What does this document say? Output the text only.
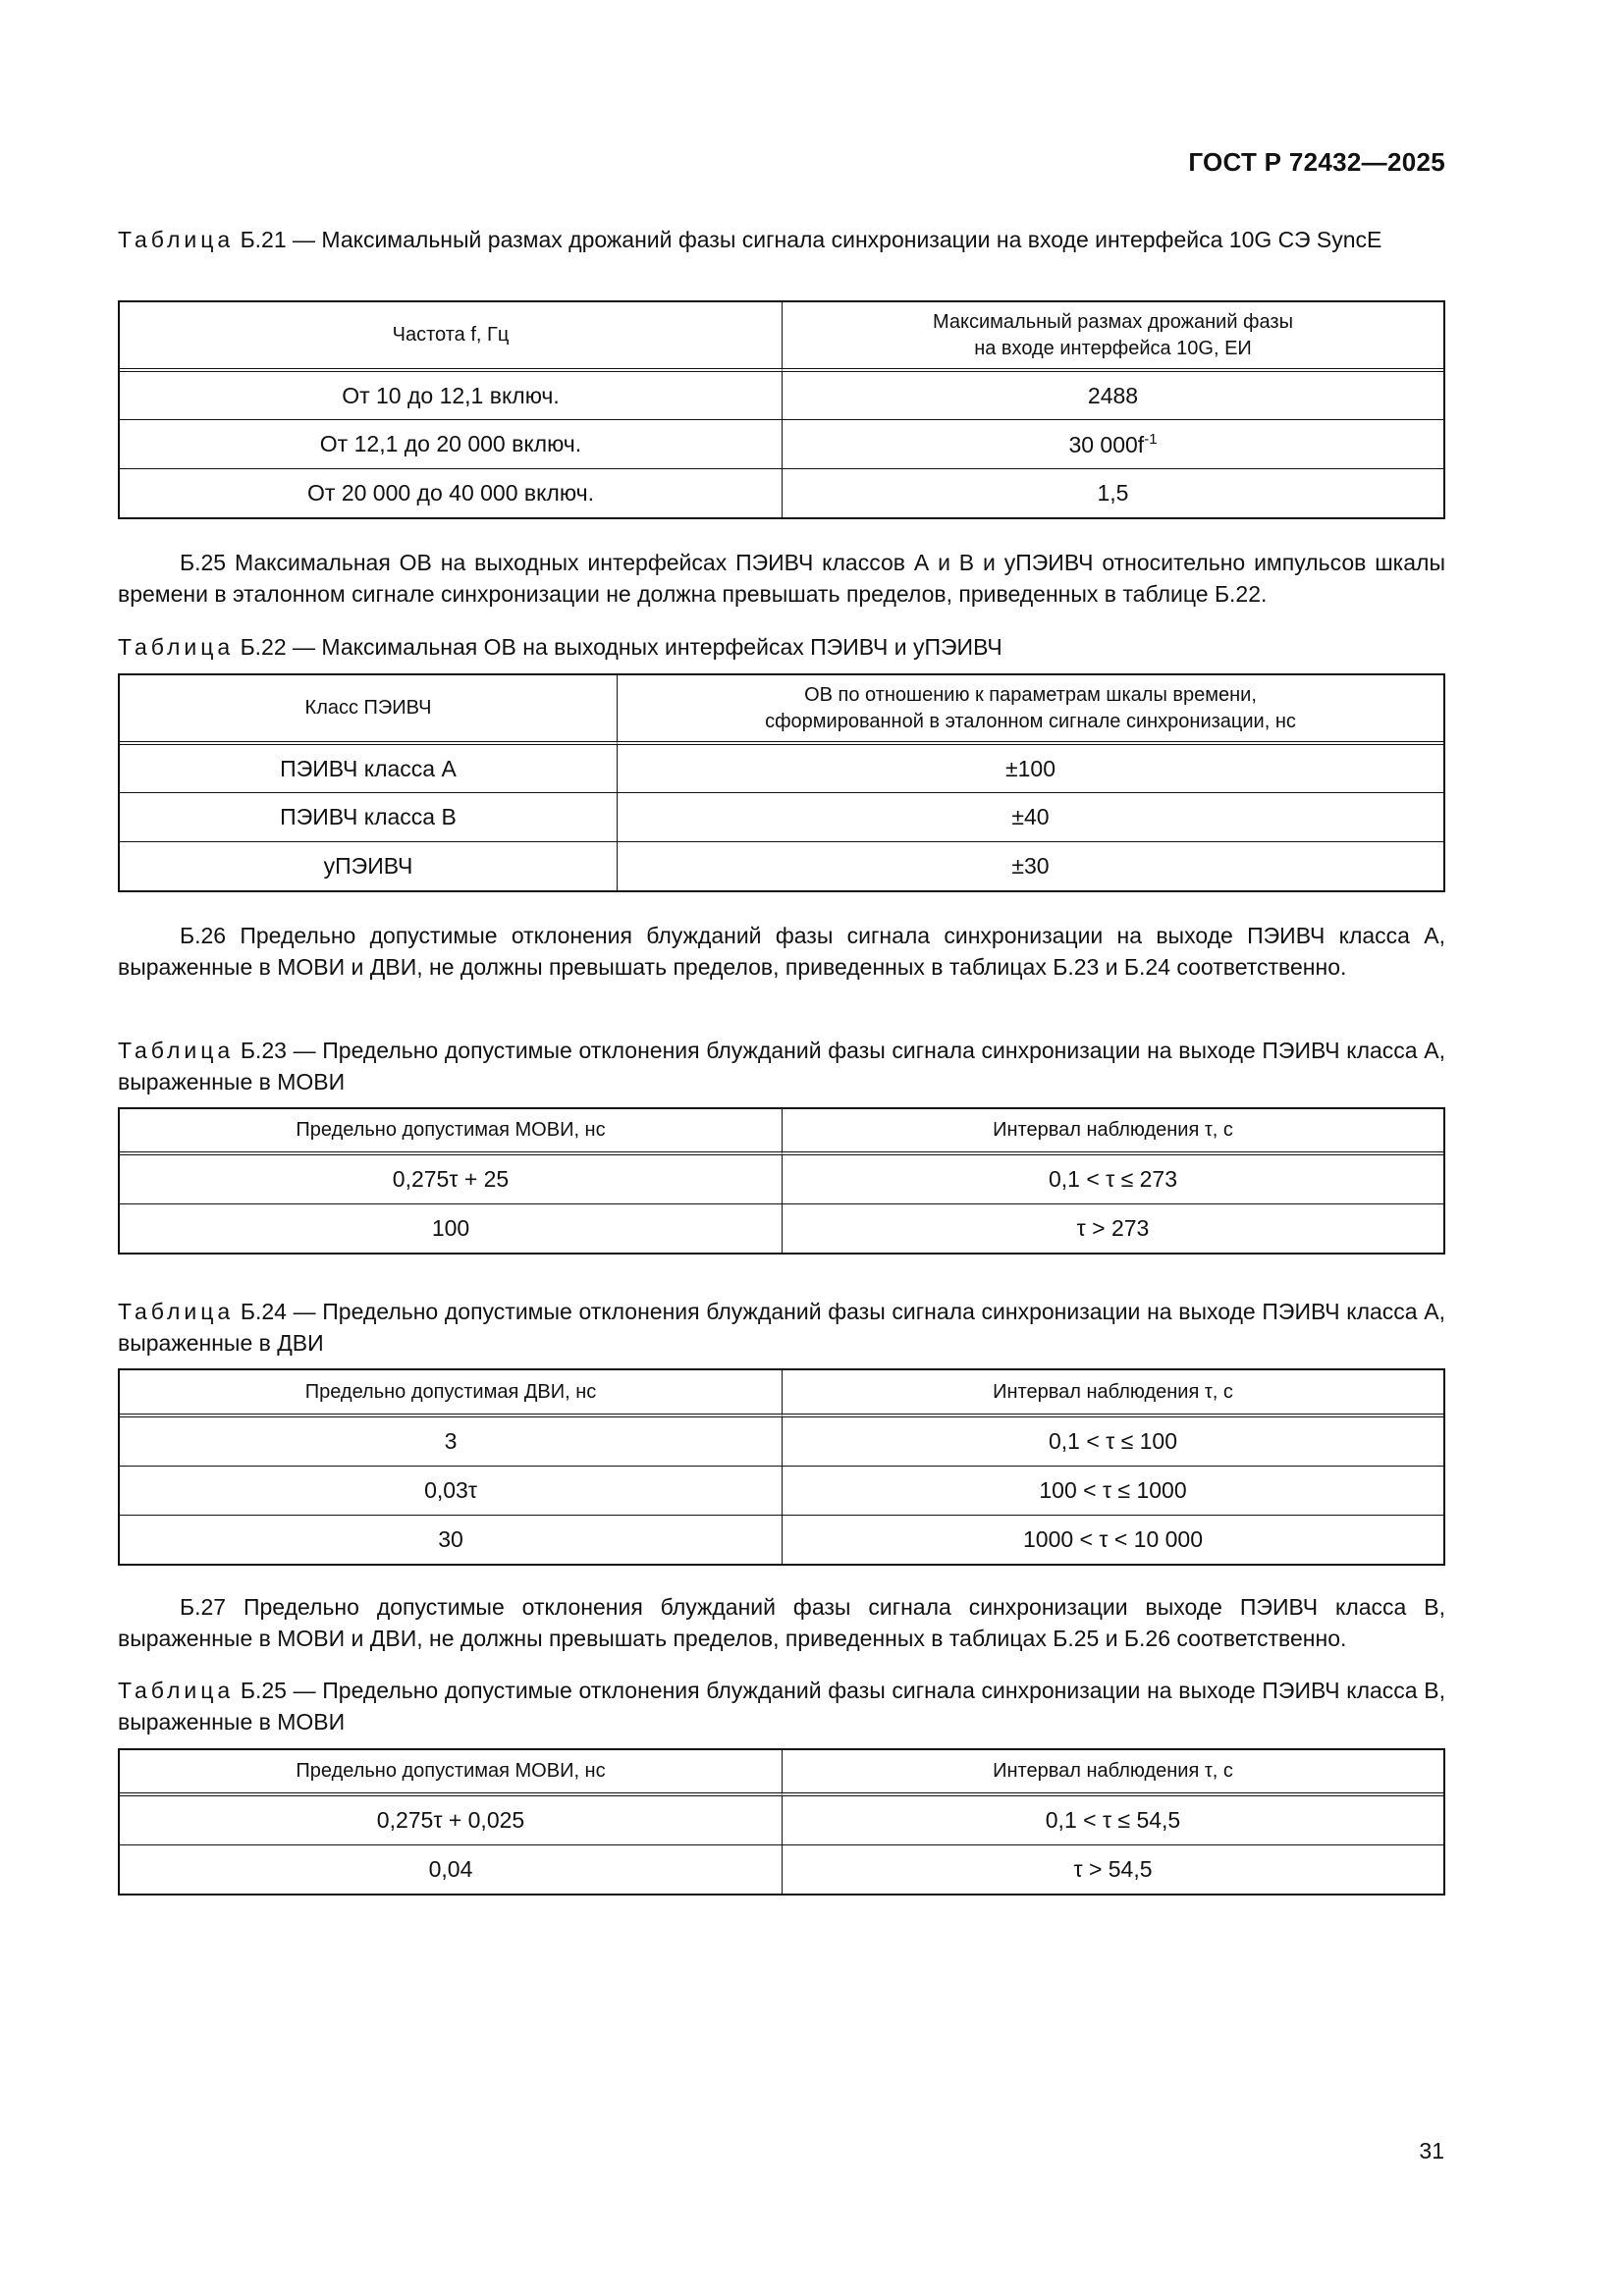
ГОСТ Р 72432—2025
Таблица Б.21 — Максимальный размах дрожаний фазы сигнала синхронизации на входе интерфейса 10G СЭ SyncE
Частота f, Гц	Максимальный размах дрожаний фазы
на входе интерфейса 10G, ЕИ

От 10 до 12,1 включ.	2488
От 12,1 до 20 000 включ.	30 $000f^{-1}$
От 20 000 до 40 000 включ.	1,5
Б.25 Максимальная ОВ на выходных интерфейсах ПЭИВЧ классов А и В и уПЭИВЧ относительно импульсов шкалы времени в эталонном сигнале синхронизации не должна превышать пределов, приведенных в таблице Б.22.
Таблица Б.22 — Максимальная ОВ на выходных интерфейсах ПЭИВЧ и уПЭИВЧ
Класс ПЭИВЧ	ОВ по отношению к параметрам шкалы времени,
сформированной в эталонном сигнале синхронизации, нс

ПЭИВЧ класса А	±100
ПЭИВЧ класса В	±40
уПЭИВЧ	±30
Б.26 Предельно допустимые отклонения блужданий фазы сигнала синхронизации на выходе ПЭИВЧ класса А, выраженные в МОВИ и ДВИ, не должны превышать пределов, приведенных в таблицах Б.23 и Б.24 соответственно.
Таблица Б.23 — Предельно допустимые отклонения блужданий фазы сигнала синхронизации на выходе ПЭИВЧ класса А, выраженные в МОВИ
Предельно допустимая МОВИ, нс	Интервал наблюдения τ, с
0,275τ + 25	0,1 < τ ≤ 273
100	τ > 273
Таблица Б.24 — Предельно допустимые отклонения блужданий фазы сигнала синхронизации на выходе ПЭИВЧ класса А, выраженные в ДВИ
Предельно допустимая ДВИ, нс	Интервал наблюдения τ, с
3	0,1 < τ ≤ 100
0,03τ	100 < τ ≤ 1000
30	1000 < τ < 10 000
Б.27 Предельно допустимые отклонения блужданий фазы сигнала синхронизации выходе ПЭИВЧ класса В, выраженные в МОВИ и ДВИ, не должны превышать пределов, приведенных в таблицах Б.25 и Б.26 соответственно.
Таблица Б.25 — Предельно допустимые отклонения блужданий фазы сигнала синхронизации на выходе ПЭИВЧ класса В, выраженные в МОВИ
Предельно допустимая МОВИ, нс	Интервал наблюдения τ, с
0,275τ + 0,025	0,1 < τ ≤ 54,5
0,04	τ > 54,5
31
